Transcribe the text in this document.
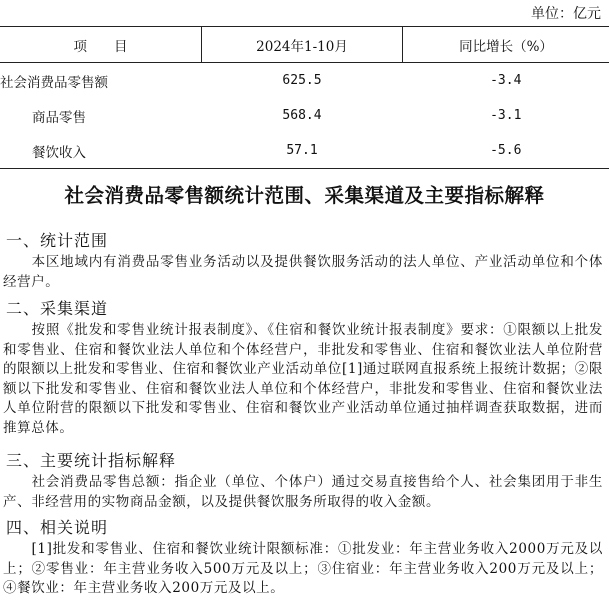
单位：亿元
项　　目	2024年1-10月	同比增长（%）
社会消费品零售额	625.5	-3.4
商品零售	568.4	-3.1
餐饮收入	57.1	-5.6
社会消费品零售额统计范围、采集渠道及主要指标解释
一、统计范围
　　本区地域内有消费品零售业务活动以及提供餐饮服务活动的法人单位、产业活动单位和个体经营户。
二、采集渠道
　　按照《批发和零售业统计报表制度》、《住宿和餐饮业统计报表制度》要求：①限额以上批发和零售业、住宿和餐饮业法人单位和个体经营户，非批发和零售业、住宿和餐饮业法人单位附营的限额以上批发和零售业、住宿和餐饮业产业活动单位[1]通过联网直报系统上报统计数据；②限额以下批发和零售业、住宿和餐饮业法人单位和个体经营户，非批发和零售业、住宿和餐饮业法人单位附营的限额以下批发和零售业、住宿和餐饮业产业活动单位通过抽样调查获取数据，进而推算总体。
三、主要统计指标解释
　　社会消费品零售总额：指企业（单位、个体户）通过交易直接售给个人、社会集团用于非生产、非经营用的实物商品金额，以及提供餐饮服务所取得的收入金额。
四、相关说明
　　[1]批发和零售业、住宿和餐饮业统计限额标准：①批发业：年主营业务收入2000万元及以上；②零售业：年主营业务收入500万元及以上；③住宿业：年主营业务收入200万元及以上；④餐饮业：年主营业务收入200万元及以上。
